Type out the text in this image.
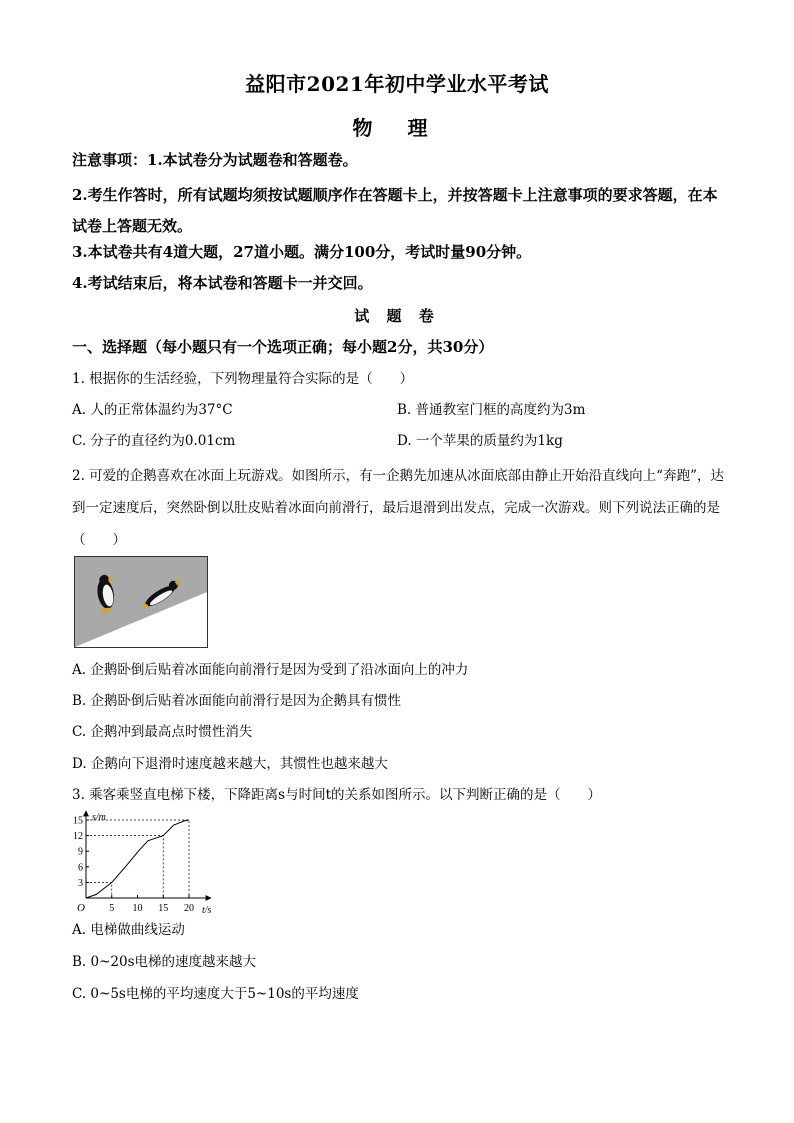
益阳市2021年初中学业水平考试
物 理
注意事项：1.本试卷分为试题卷和答题卷。
2.考生作答时，所有试题均须按试题顺序作在答题卡上，并按答题卡上注意事项的要求答题，在本试卷上答题无效。
3.本试卷共有4道大题，27道小题。满分100分，考试时量90分钟。
4.考试结束后，将本试卷和答题卡一并交回。
试 题 卷
一、选择题（每小题只有一个选项正确；每小题2分，共30分）
1. 根据你的生活经验，下列物理量符合实际的是（　　）
A. 人的正常体温约为37°C	B. 普通教室门框的高度约为3m
C. 分子的直径约为0.01cm	D. 一个苹果的质量约为1kg
2. 可爱的企鹅喜欢在冰面上玩游戏。如图所示，有一企鹅先加速从冰面底部由静止开始沿直线向上“奔跑”，达到一定速度后，突然卧倒以肚皮贴着冰面向前滑行，最后退滑到出发点，完成一次游戏。则下列说法正确的是（　　）
A. 企鹅卧倒后贴着冰面能向前滑行是因为受到了沿冰面向上的冲力
B. 企鹅卧倒后贴着冰面能向前滑行是因为企鹅具有惯性
C. 企鹅冲到最高点时惯性消失
D. 企鹅向下退滑时速度越来越大，其惯性也越来越大
3. 乘客乘竖直电梯下楼，下降距离s与时间t的关系如图所示。以下判断正确的是（　　）
s/m
t/s
O 5 10 15 20
3
6
9
12
15
A. 电梯做曲线运动
B. 0~20s电梯的速度越来越大
C. 0~5s电梯的平均速度大于5~10s的平均速度
